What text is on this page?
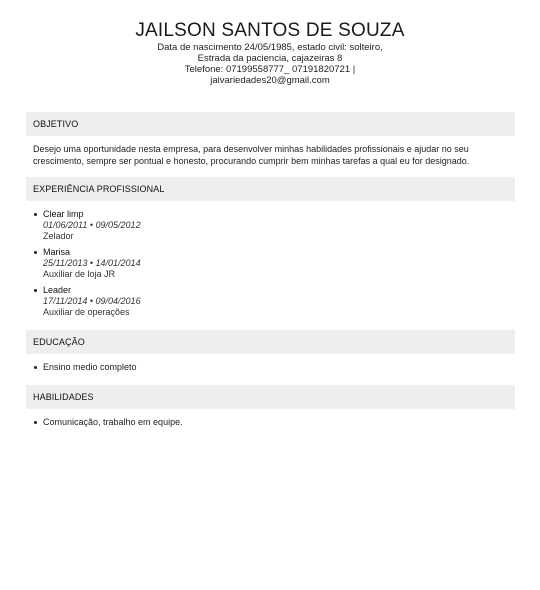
JAILSON SANTOS DE SOUZA
Data de nascimento 24/05/1985, estado civil: solteiro,
Estrada da paciencia, cajazeiras 8
Telefone: 07199558777_ 07191820721 |
jaivariedades20@gmail.com
OBJETIVO
Desejo uma oportunidade nesta empresa, para desenvolver minhas habilidades profissionais e ajudar no seu crescimento, sempre ser pontual e honesto, procurando cumprir bem minhas tarefas a qual eu for designado.
EXPERIÊNCIA PROFISSIONAL
Clear limp
01/06/2011 • 09/05/2012
Zelador
Marisa
25/11/2013 • 14/01/2014
Auxiliar de loja JR
Leader
17/11/2014 • 09/04/2016
Auxiliar de operações
EDUCAÇÃO
Ensino medio completo
HABILIDADES
Comunicação, trabalho em equipe.
